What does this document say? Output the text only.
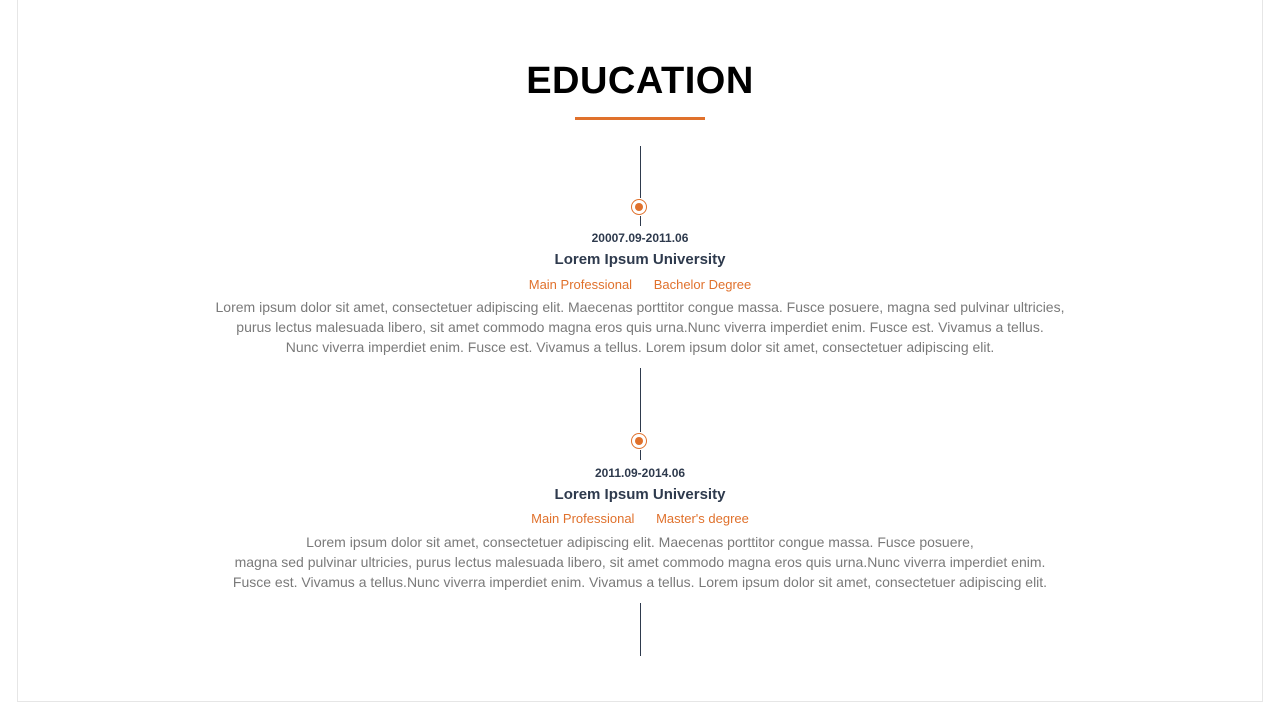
EDUCATION
20007.09-2011.06
Lorem Ipsum University
Main Professional Bachelor Degree
Lorem ipsum dolor sit amet, consectetuer adipiscing elit. Maecenas porttitor congue massa. Fusce posuere, magna sed pulvinar ultricies,
purus lectus malesuada libero, sit amet commodo magna eros quis urna.Nunc viverra imperdiet enim. Fusce est. Vivamus a tellus.
Nunc viverra imperdiet enim. Fusce est. Vivamus a tellus. Lorem ipsum dolor sit amet, consectetuer adipiscing elit.
2011.09-2014.06
Lorem Ipsum University
Main Professional Master's degree
Lorem ipsum dolor sit amet, consectetuer adipiscing elit. Maecenas porttitor congue massa. Fusce posuere,
magna sed pulvinar ultricies, purus lectus malesuada libero, sit amet commodo magna eros quis urna.Nunc viverra imperdiet enim.
Fusce est. Vivamus a tellus.Nunc viverra imperdiet enim. Vivamus a tellus. Lorem ipsum dolor sit amet, consectetuer adipiscing elit.
